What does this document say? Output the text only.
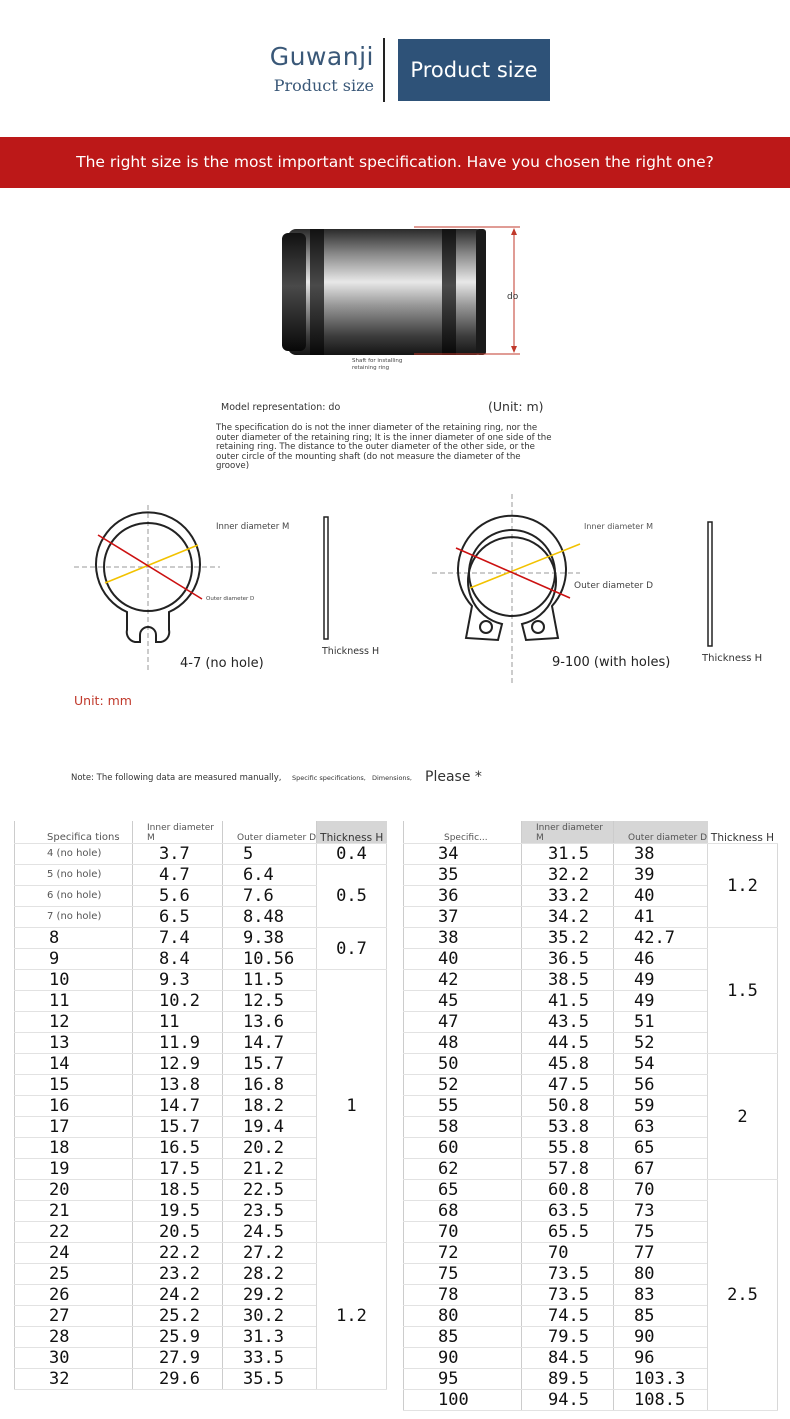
Guwanji
Product size
Product size
The right size is the most important specification. Have you chosen the right one?
do
Shaft for installing retaining ring
Model representation: do	(Unit: m)
The specification do is not the inner diameter of the retaining ring, nor the outer diameter of the retaining ring; It is the inner diameter of one side of the retaining ring. The distance to the outer diameter of the other side, or the outer circle of the mounting shaft (do not measure the diameter of the groove)
Inner diameter M
Outer diameter D
4-7 (no hole)
Thickness H
Inner diameter M
Outer diameter D
9-100 (with holes)	Thickness H
Unit: mm
Note: The following data are measured manually, Specific specifications, Dimensions, Please *
Specifica tions	Inner diameter M	Outer diameter D	Thickness H
4 (no hole)	3.7	5	0.4
5 (no hole)	4.7	6.4	0.5
6 (no hole)	5.6	7.6	
7 (no hole)	6.5	8.48	
8	7.4	9.38	0.7
9	8.4	10.56	
10	9.3	11.5	1
11	10.2	12.5	
12	11	13.6	
13	11.9	14.7	
14	12.9	15.7	
15	13.8	16.8	
16	14.7	18.2	
17	15.7	19.4	
18	16.5	20.2	
19	17.5	21.2	
20	18.5	22.5	
21	19.5	23.5	
22	20.5	24.5	
24	22.2	27.2	1.2
25	23.2	28.2	
26	24.2	29.2	
27	25.2	30.2	
28	25.9	31.3	
30	27.9	33.5	
32	29.6	35.5	
Specific...	Inner diameter M	Outer diameter D	Thickness H
34	31.5	38	1.2
35	32.2	39	
36	33.2	40	
37	34.2	41	
38	35.2	42.7	1.5
40	36.5	46	
42	38.5	49	
45	41.5	49	
47	43.5	51	
48	44.5	52	
50	45.8	54	2
52	47.5	56	
55	50.8	59	
58	53.8	63	
60	55.8	65	
62	57.8	67	
65	60.8	70	2.5
68	63.5	73	
70	65.5	75	
72	70	77	
75	73.5	80	
78	73.5	83	
80	74.5	85	
85	79.5	90	
90	84.5	96	
95	89.5	103.3	
100	94.5	108.5	
